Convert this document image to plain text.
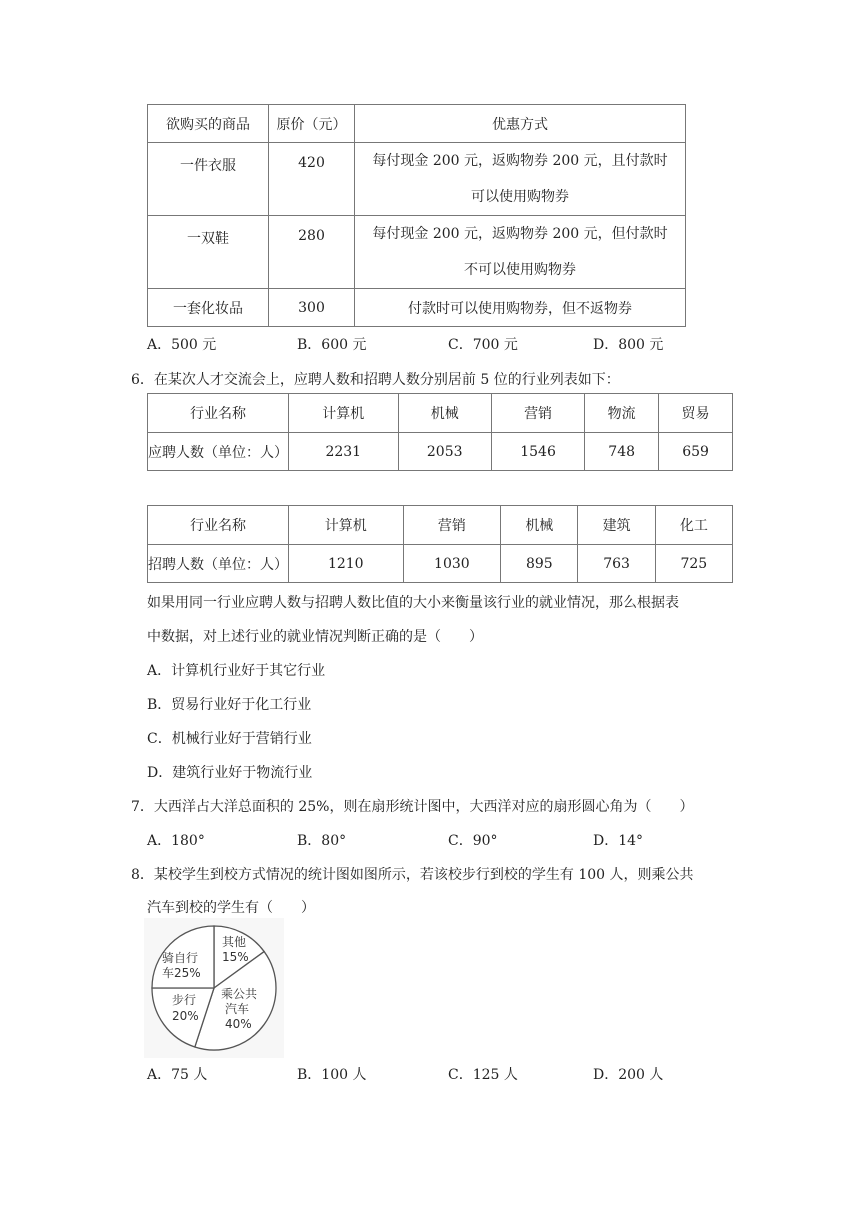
欲购买的商品	原价（元）	优惠方式
一件衣服	420	每付现金 200 元，返购物券 200 元，且付款时
可以使用购物券

一双鞋	280	每付现金 200 元，返购物券 200 元，但付款时
不可以使用购物券

一套化妆品	300	付款时可以使用购物券，但不返物券
A．500 元	B．600 元	C．700 元	D．800 元
6．在某次人才交流会上，应聘人数和招聘人数分别居前 5 位的行业列表如下：
行业名称	计算机	机械	营销	物流	贸易
应聘人数（单位：人）	2231	2053	1546	748	659
行业名称	计算机	营销	机械	建筑	化工
招聘人数（单位：人）	1210	1030	895	763	725
如果用同一行业应聘人数与招聘人数比值的大小来衡量该行业的就业情况，那么根据表
中数据，对上述行业的就业情况判断正确的是（　　）
A．计算机行业好于其它行业
B．贸易行业好于化工行业
C．机械行业好于营销行业
D．建筑行业好于物流行业
7．大西洋占大洋总面积的 25%，则在扇形统计图中，大西洋对应的扇形圆心角为（　　）
A．180°	B．80°	C．90°	D．14°
8．某校学生到校方式情况的统计图如图所示，若该校步行到校的学生有 100 人，则乘公共
汽车到校的学生有（　　）
其他
15%
骑自行
车25%
步行
20%
乘公共
汽车
40%
A．75 人	B．100 人	C．125 人	D．200 人
